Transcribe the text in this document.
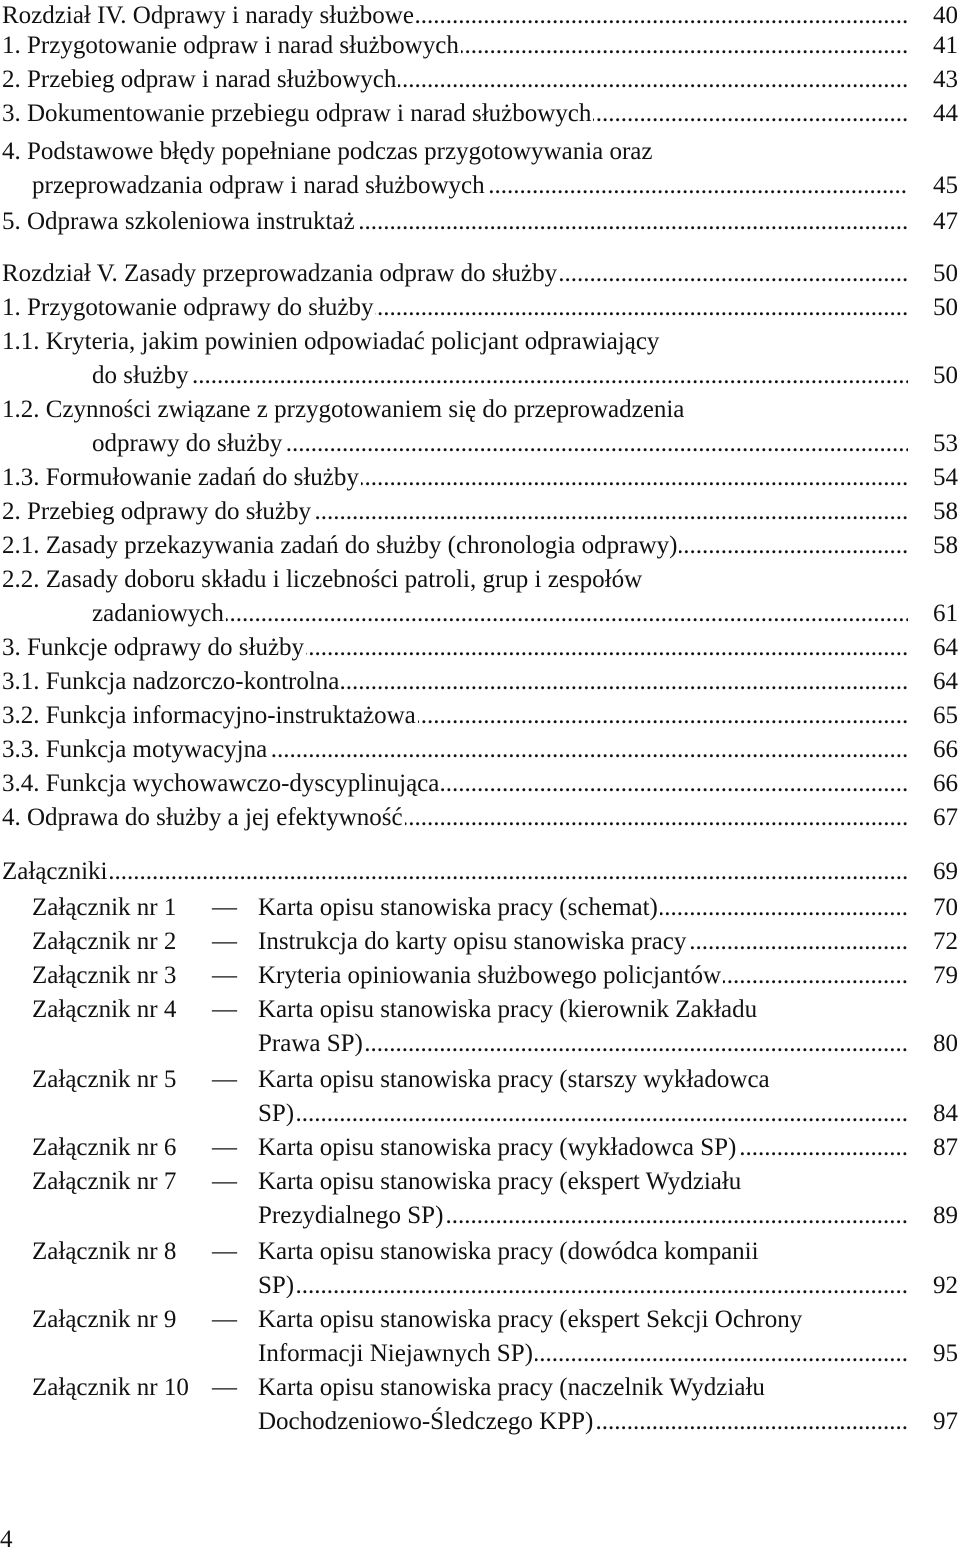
Rozdział IV. Odprawy i narady służbowe .....	40
1. Przygotowanie odpraw i narad służbowych .....	41
2. Przebieg odpraw i narad służbowych .....	43
3. Dokumentowanie przebiegu odpraw i narad służbowych .....	44
4. Podstawowe błędy popełniane podczas przygotowywania oraz
przeprowadzania odpraw i narad służbowych .....	45
5. Odprawa szkoleniowa instruktaż .....	47
Rozdział V. Zasady przeprowadzania odpraw do służby .....	50
1. Przygotowanie odprawy do służby .....	50
1.1. Kryteria, jakim powinien odpowiadać policjant odprawiający
do służby .....	50
1.2. Czynności związane z przygotowaniem się do przeprowadzenia
odprawy do służby .....	53
1.3. Formułowanie zadań do służby .....	54
2. Przebieg odprawy do służby .....	58
2.1. Zasady przekazywania zadań do służby (chronologia odprawy) .....	58
2.2. Zasady doboru składu i liczebności patroli, grup i zespołów
zadaniowych .....	61
3. Funkcje odprawy do służby .....	64
3.1. Funkcja nadzorczo-kontrolna .....	64
3.2. Funkcja informacyjno-instruktażowa .....	65
3.3. Funkcja motywacyjna .....	66
3.4. Funkcja wychowawczo-dyscyplinująca .....	66
4. Odprawa do służby a jej efektywność .....	67
Załączniki .....	69
Załącznik nr 1 — Karta opisu stanowiska pracy (schemat) .....	70
Załącznik nr 2 — Instrukcja do karty opisu stanowiska pracy .....	72
Załącznik nr 3 — Kryteria opiniowania służbowego policjantów .....	79
Załącznik nr 4 — Karta opisu stanowiska pracy (kierownik Zakładu
Prawa SP) .....	80
Załącznik nr 5 — Karta opisu stanowiska pracy (starszy wykładowca
SP) .....	84
Załącznik nr 6 — Karta opisu stanowiska pracy (wykładowca SP) .....	87
Załącznik nr 7 — Karta opisu stanowiska pracy (ekspert Wydziału
Prezydialnego SP) .....	89
Załącznik nr 8 — Karta opisu stanowiska pracy (dowódca kompanii
SP) .....	92
Załącznik nr 9 — Karta opisu stanowiska pracy (ekspert Sekcji Ochrony
Informacji Niejawnych SP) .....	95
Załącznik nr 10 — Karta opisu stanowiska pracy (naczelnik Wydziału
Dochodzeniowo-Śledczego KPP) .....	97
4
